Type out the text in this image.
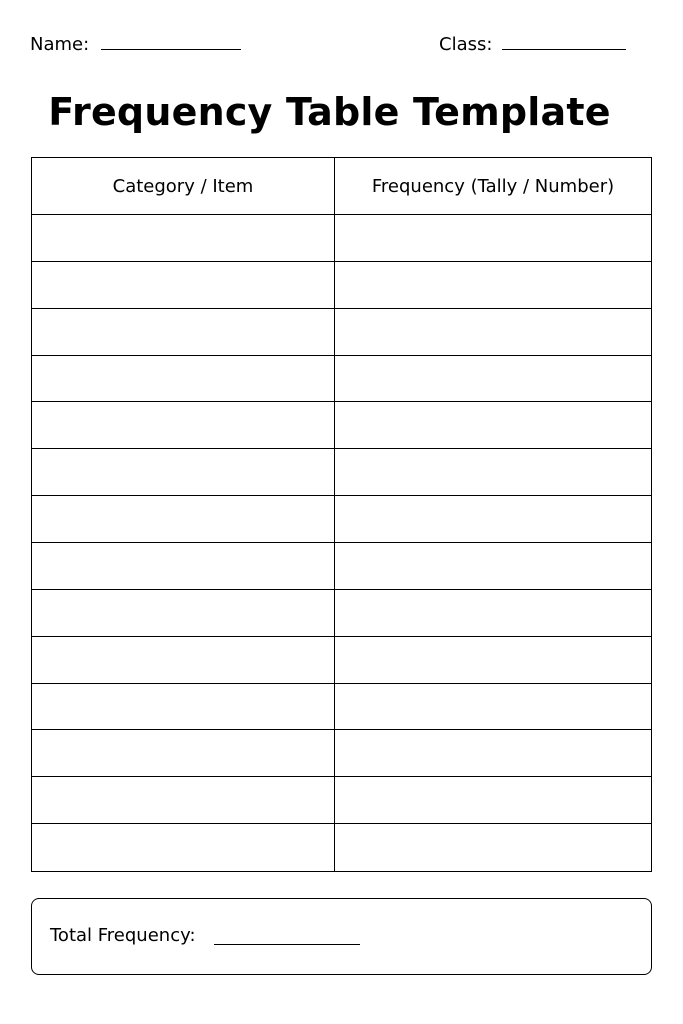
Name:	Class:
Frequency Table Template
Category / Item	Frequency (Tally / Number)
Total Frequency:
